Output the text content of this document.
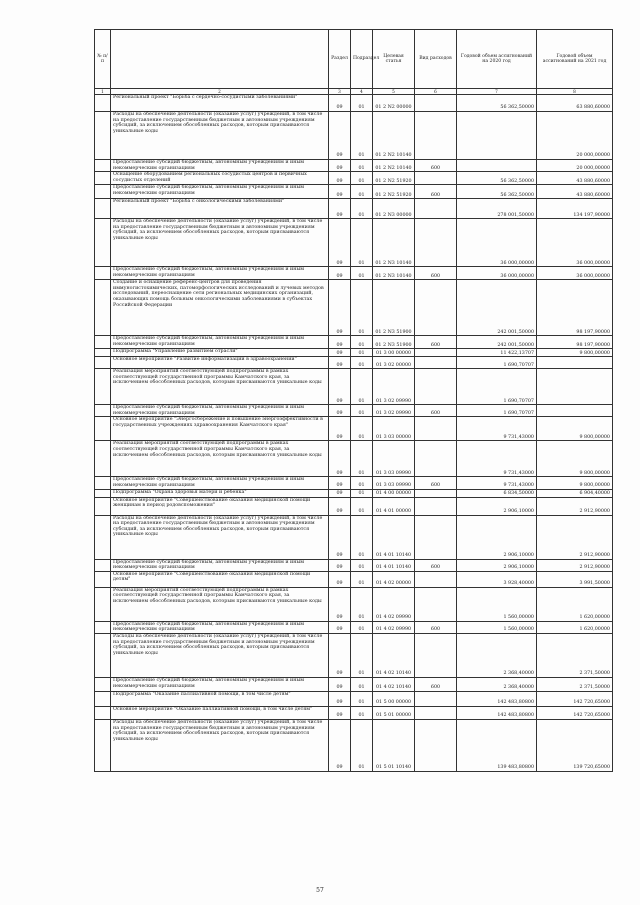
№ п/п		Раздел	Подраздел	Целевая статья	Вид расходов	Годовой объем ассигнований на 2020 год	Годовой объем ассигнований на 2021 год
1	2	3	4	5	6	7	8
	Региональный проект "Борьба с сердечно-сосудистыми заболеваниями"	09	01	01 2 N2 00000		56 362,50000	63 880,60000
	Расходы на обеспечение деятельности (оказание услуг) учреждений, в том числе на предоставление государственным бюджетным и автономным учреждениям субсидий, за исключением обособленных расходов, которым присваиваются уникальные коды	09	01	01 2 N2 10140			20 000,00000
	Предоставление субсидий бюджетным, автономным учреждениям и иным некоммерческим организациям	09	01	01 2 N2 10140	600		20 000,00000
	Оснащение оборудованием региональных сосудистых центров и первичных сосудистых отделений	09	01	01 2 N2 51920		56 362,50000	43 880,60000
	Предоставление субсидий бюджетным, автономным учреждениям и иным некоммерческим организациям	09	01	01 2 N2 51920	600	56 362,50000	43 880,60000
	Региональный проект "Борьба с онкологическими заболеваниями"	09	01	01 2 N3 00000		278 001,50000	134 197,90000
	Расходы на обеспечение деятельности (оказание услуг) учреждений, в том числе на предоставление государственным бюджетным и автономным учреждениям субсидий, за исключением обособленных расходов, которым присваиваются уникальные коды	09	01	01 2 N3 10140		36 000,00000	36 000,00000
	Предоставление субсидий бюджетным, автономным учреждениям и иным некоммерческим организациям	09	01	01 2 N3 10140	600	36 000,00000	36 000,00000
	Создание и оснащение референс-центров для проведения иммуногистохимических, патоморфологических исследований и лучевых методов исследований, переоснащение сети региональных медицинских организаций, оказывающих помощь больным онкологическими заболеваниями в субъектах Российской Федерации	09	01	01 2 N3 51900		242 001,50000	98 197,90000
	Предоставление субсидий бюджетным, автономным учреждениям и иным некоммерческим организациям	09	01	01 2 N3 51900	600	242 001,50000	98 197,90000
	Подпрограмма "Управление развитием отрасли"	09	01	01 3 00 00000		11 422,13707	9 800,00000
	Основное мероприятие "Развитие информатизации в здравоохранении"	09	01	01 3 02 00000		1 690,70707	
	Реализация мероприятий соответствующей подпрограммы в рамках соответствующей государственной программы Камчатского края, за исключением обособленных расходов, которым присваиваются уникальные коды	09	01	01 3 02 09990		1 690,70707	
	Предоставление субсидий бюджетным, автономным учреждениям и иным некоммерческим организациям	09	01	01 3 02 09990	600	1 690,70707	
	Основное мероприятие "Энергосбережение и повышение энергоэффективности в государственных учреждениях здравоохранения Камчатского края"	09	01	01 3 03 00000		9 731,43000	9 800,00000
	Реализация мероприятий соответствующей подпрограммы в рамках соответствующей государственной программы Камчатского края, за исключением обособленных расходов, которым присваиваются уникальные коды	09	01	01 3 03 09990		9 731,43000	9 800,00000
	Предоставление субсидий бюджетным, автономным учреждениям и иным некоммерческим организациям	09	01	01 3 03 09990	600	9 731,43000	9 800,00000
	Подпрограмма "Охрана здоровья матери и ребенка"	09	01	01 4 00 00000		6 834,50000	6 904,40000
	Основное мероприятие "Совершенствование оказания медицинской помощи женщинам в период родовспоможения"	09	01	01 4 01 00000		2 906,10000	2 912,90000
	Расходы на обеспечение деятельности (оказание услуг) учреждений, в том числе на предоставление государственным бюджетным и автономным учреждениям субсидий, за исключением обособленных расходов, которым присваиваются уникальные коды	09	01	01 4 01 10140		2 906,10000	2 912,90000
	Предоставление субсидий бюджетным, автономным учреждениям и иным некоммерческим организациям	09	01	01 4 01 10140	600	2 906,10000	2 912,90000
	Основное мероприятие "Совершенствование оказания медицинской помощи детям"	09	01	01 4 02 00000		3 928,40000	3 991,50000
	Реализация мероприятий соответствующей подпрограммы в рамках соответствующей государственной программы Камчатского края, за исключением обособленных расходов, которым присваиваются уникальные коды	09	01	01 4 02 09990		1 560,00000	1 620,00000
	Предоставление субсидий бюджетным, автономным учреждениям и иным некоммерческим организациям	09	01	01 4 02 09990	600	1 560,00000	1 620,00000
	Расходы на обеспечение деятельности (оказание услуг) учреждений, в том числе на предоставление государственным бюджетным и автономным учреждениям субсидий, за исключением обособленных расходов, которым присваиваются уникальные коды	09	01	01 4 02 10140		2 368,40000	2 371,50000
	Предоставление субсидий бюджетным, автономным учреждениям и иным некоммерческим организациям	09	01	01 4 02 10140	600	2 368,40000	2 371,50000
	Подпрограмма "Оказание паллиативной помощи, в том числе детям"	09	01	01 5 00 00000		142 483,80800	142 720,65000
	Основное мероприятие "Оказание паллиативной помощи, в том числе детям"	09	01	01 5 01 00000		142 483,80800	142 720,65000
	Расходы на обеспечение деятельности (оказание услуг) учреждений, в том числе на предоставление государственным бюджетным и автономным учреждениям субсидий, за исключением обособленных расходов, которым присваиваются уникальные коды	09	01	01 5 01 10140		139 483,80800	139 720,65000
57
